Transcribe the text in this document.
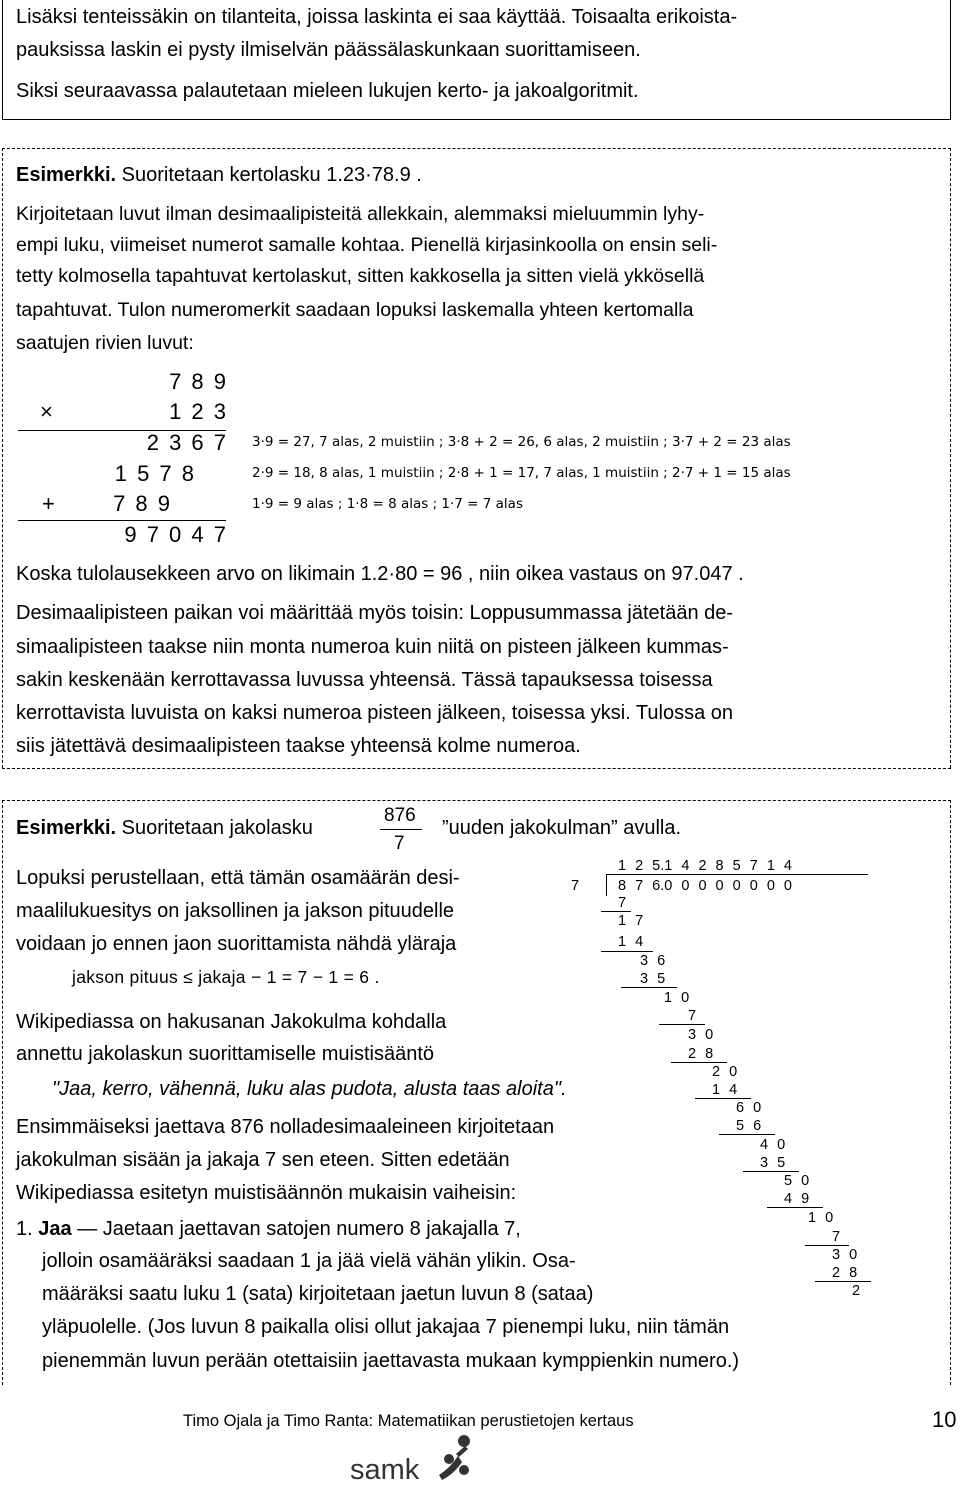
Lisäksi tenteissäkin on tilanteita, joissa laskinta ei saa käyttää. Toisaalta erikoista-
pauksissa laskin ei pysty ilmiselvän päässälaskunkaan suorittamiseen.
Siksi seuraavassa palautetaan mieleen lukujen kerto- ja jakoalgoritmit.
Esimerkki. Suoritetaan kertolasku 1.23·78.9 .
Kirjoitetaan luvut ilman desimaalipisteitä allekkain, alemmaksi mieluummin lyhy-
empi luku, viimeiset numerot samalle kohtaa. Pienellä kirjasinkoolla on ensin seli-
tetty kolmosella tapahtuvat kertolaskut, sitten kakkosella ja sitten vielä ykkösellä
tapahtuvat. Tulon numeromerkit saadaan lopuksi laskemalla yhteen kertomalla
saatujen rivien luvut:
7 8 9
×	1 2 3
2 3 6 7
1 5 7 8
+	7 8 9
9 7 0 4 7
3·9 = 27, 7 alas, 2 muistiin ; 3·8 + 2 = 26, 6 alas, 2 muistiin ; 3·7 + 2 = 23 alas
2·9 = 18, 8 alas, 1 muistiin ; 2·8 + 1 = 17, 7 alas, 1 muistiin ; 2·7 + 1 = 15 alas
1·9 = 9 alas ; 1·8 = 8 alas ; 1·7 = 7 alas
Koska tulolausekkeen arvo on likimain 1.2·80 = 96 , niin oikea vastaus on 97.047 .
Desimaalipisteen paikan voi määrittää myös toisin: Loppusummassa jätetään de-
simaalipisteen taakse niin monta numeroa kuin niitä on pisteen jälkeen kummas-
sakin keskenään kerrottavassa luvussa yhteensä. Tässä tapauksessa toisessa
kerrottavista luvuista on kaksi numeroa pisteen jälkeen, toisessa yksi. Tulossa on
siis jätettävä desimaalipisteen taakse yhteensä kolme numeroa.
Esimerkki. Suoritetaan jakolasku
876
7
”uuden jakokulman” avulla.
Lopuksi perustellaan, että tämän osamäärän desi-
maalilukuesitys on jaksollinen ja jakson pituudelle
voidaan jo ennen jaon suorittamista nähdä yläraja
jakson pituus ≤ jakaja − 1 = 7 − 1 = 6 .
Wikipediassa on hakusanan Jakokulma kohdalla
annettu jakolaskun suorittamiselle muistisääntö
"Jaa, kerro, vähennä, luku alas pudota, alusta taas aloita".
Ensimmäiseksi jaettava 876 nolladesimaaleineen kirjoitetaan
jakokulman sisään ja jakaja 7 sen eteen. Sitten edetään
Wikipediassa esitetyn muistisäännön mukaisin vaiheisin:
1. Jaa — Jaetaan jaettavan satojen numero 8 jakajalla 7,
jolloin osamääräksi saadaan 1 ja jää vielä vähän ylikin. Osa-
määräksi saatu luku 1 (sata) kirjoitetaan jaetun luvun 8 (sataa)
yläpuolelle. (Jos luvun 8 paikalla olisi ollut jakajaa 7 pienempi luku, niin tämän
pienemmän luvun perään otettaisiin jaettavasta mukaan kymppienkin numero.)
1 2 5.1 4 2 8 5 7 1 4
7	8 7 6.0 0 0 0 0 0 0 0
7
1 7
1 4
3 6
3 5
1 0
7
3 0
2 8
2 0
1 4
6 0
5 6
4 0
3 5
5 0
4 9
1 0
7
3 0
2 8
2
Timo Ojala ja Timo Ranta: Matematiikan perustietojen kertaus	10
samk
